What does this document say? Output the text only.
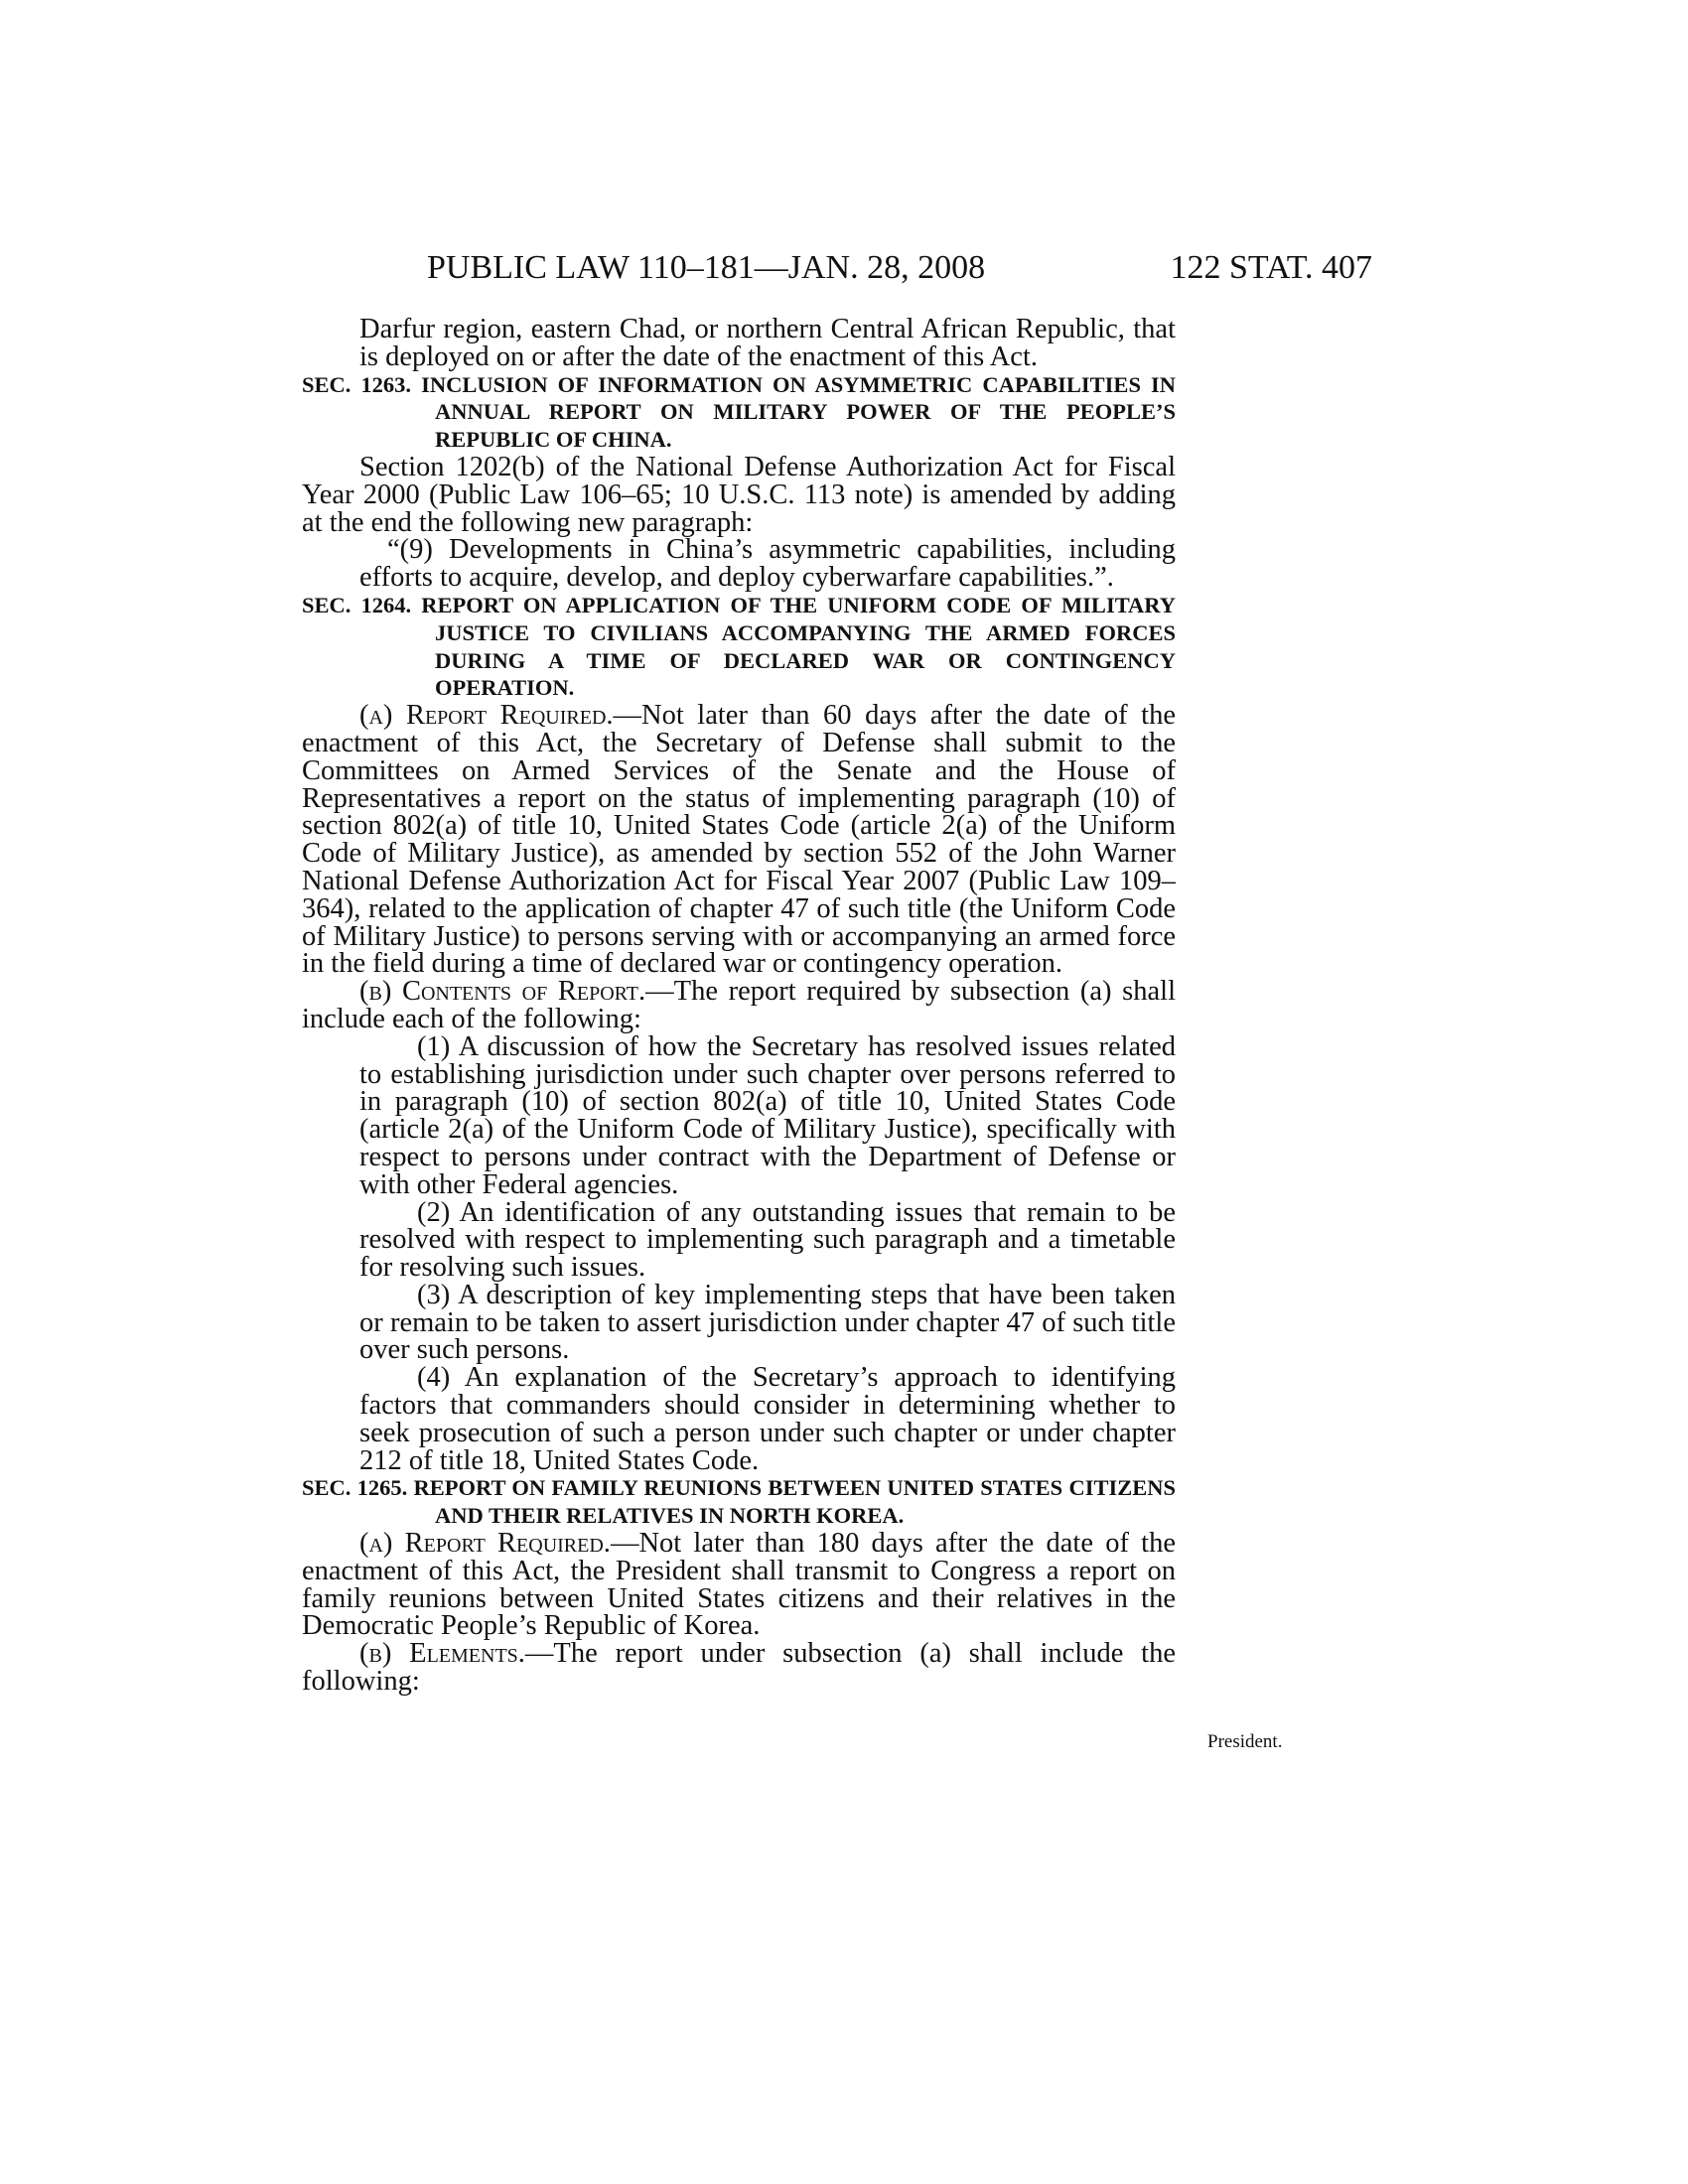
PUBLIC LAW 110–181—JAN. 28, 2008	122 STAT. 407

Darfur region, eastern Chad, or northern Central African Republic, that is deployed on or after the date of the enactment of this Act.

SEC. 1263. INCLUSION OF INFORMATION ON ASYMMETRIC CAPABILITIES IN ANNUAL REPORT ON MILITARY POWER OF THE PEOPLE’S REPUBLIC OF CHINA.

Section 1202(b) of the National Defense Authorization Act for Fiscal Year 2000 (Public Law 106–65; 10 U.S.C. 113 note) is amended by adding at the end the following new paragraph:

“(9) Developments in China’s asymmetric capabilities, including efforts to acquire, develop, and deploy cyberwarfare capabilities.”.

SEC. 1264. REPORT ON APPLICATION OF THE UNIFORM CODE OF MILITARY JUSTICE TO CIVILIANS ACCOMPANYING THE ARMED FORCES DURING A TIME OF DECLARED WAR OR CONTINGENCY OPERATION.

(a) Report Required.—Not later than 60 days after the date of the enactment of this Act, the Secretary of Defense shall submit to the Committees on Armed Services of the Senate and the House of Representatives a report on the status of implementing paragraph (10) of section 802(a) of title 10, United States Code (article 2(a) of the Uniform Code of Military Justice), as amended by section 552 of the John Warner National Defense Authorization Act for Fiscal Year 2007 (Public Law 109–364), related to the application of chapter 47 of such title (the Uniform Code of Military Justice) to persons serving with or accompanying an armed force in the field during a time of declared war or contingency operation.

(b) Contents of Report.—The report required by subsection (a) shall include each of the following:

(1) A discussion of how the Secretary has resolved issues related to establishing jurisdiction under such chapter over persons referred to in paragraph (10) of section 802(a) of title 10, United States Code (article 2(a) of the Uniform Code of Military Justice), specifically with respect to persons under contract with the Department of Defense or with other Federal agencies.

(2) An identification of any outstanding issues that remain to be resolved with respect to implementing such paragraph and a timetable for resolving such issues.

(3) A description of key implementing steps that have been taken or remain to be taken to assert jurisdiction under chapter 47 of such title over such persons.

(4) An explanation of the Secretary’s approach to identifying factors that commanders should consider in determining whether to seek prosecution of such a person under such chapter or under chapter 212 of title 18, United States Code.

SEC. 1265. REPORT ON FAMILY REUNIONS BETWEEN UNITED STATES CITIZENS AND THEIR RELATIVES IN NORTH KOREA.

(a) Report Required.—Not later than 180 days after the date of the enactment of this Act, the President shall transmit to Congress a report on family reunions between United States citizens and their relatives in the Democratic People’s Republic of Korea.

(b) Elements.—The report under subsection (a) shall include the following:

President.
